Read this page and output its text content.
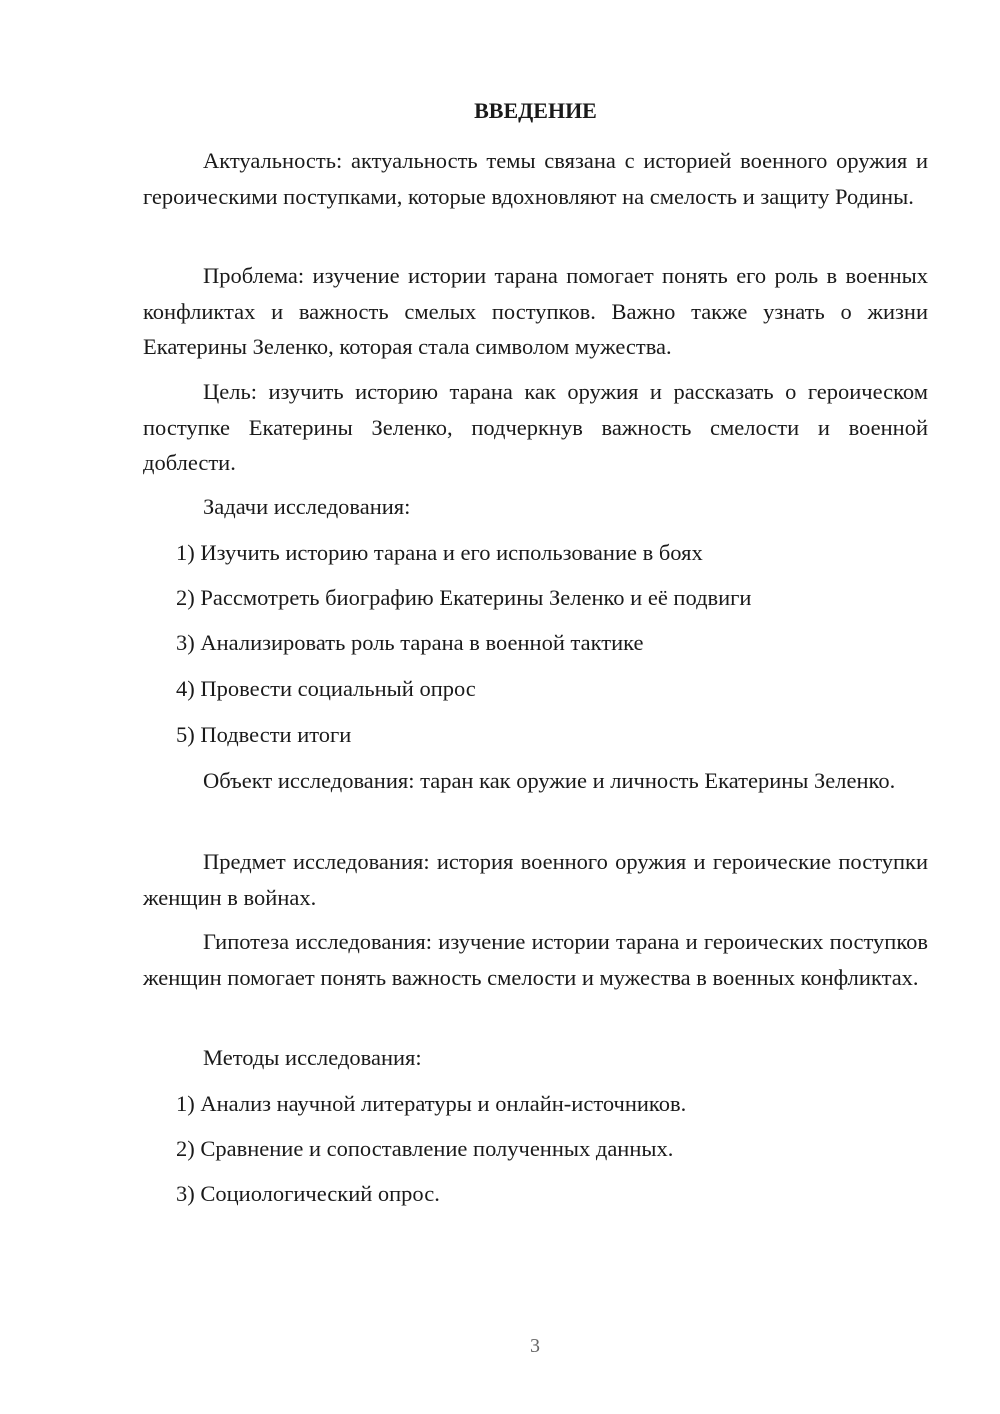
ВВЕДЕНИЕ

Актуальность: актуальность темы связана с историей военного оружия и героическими поступками, которые вдохновляют на смелость и защиту Родины.

Проблема: изучение истории тарана помогает понять его роль в военных конфликтах и важность смелых поступков. Важно также узнать о жизни Екатерины Зеленко, которая стала символом мужества.

Цель: изучить историю тарана как оружия и рассказать о героическом поступке Екатерины Зеленко, подчеркнув важность смелости и военной доблести.

Задачи исследования:

1) Изучить историю тарана и его использование в боях

2) Рассмотреть биографию Екатерины Зеленко и её подвиги

3) Анализировать роль тарана в военной тактике

4) Провести социальный опрос

5) Подвести итоги

Объект исследования: таран как оружие и личность Екатерины Зеленко.

Предмет исследования: история военного оружия и героические поступки женщин в войнах.

Гипотеза исследования: изучение истории тарана и героических поступков женщин помогает понять важность смелости и мужества в военных конфликтах.

Методы исследования:

1) Анализ научной литературы и онлайн-источников.

2) Сравнение и сопоставление полученных данных.

3) Социологический опрос.

3
